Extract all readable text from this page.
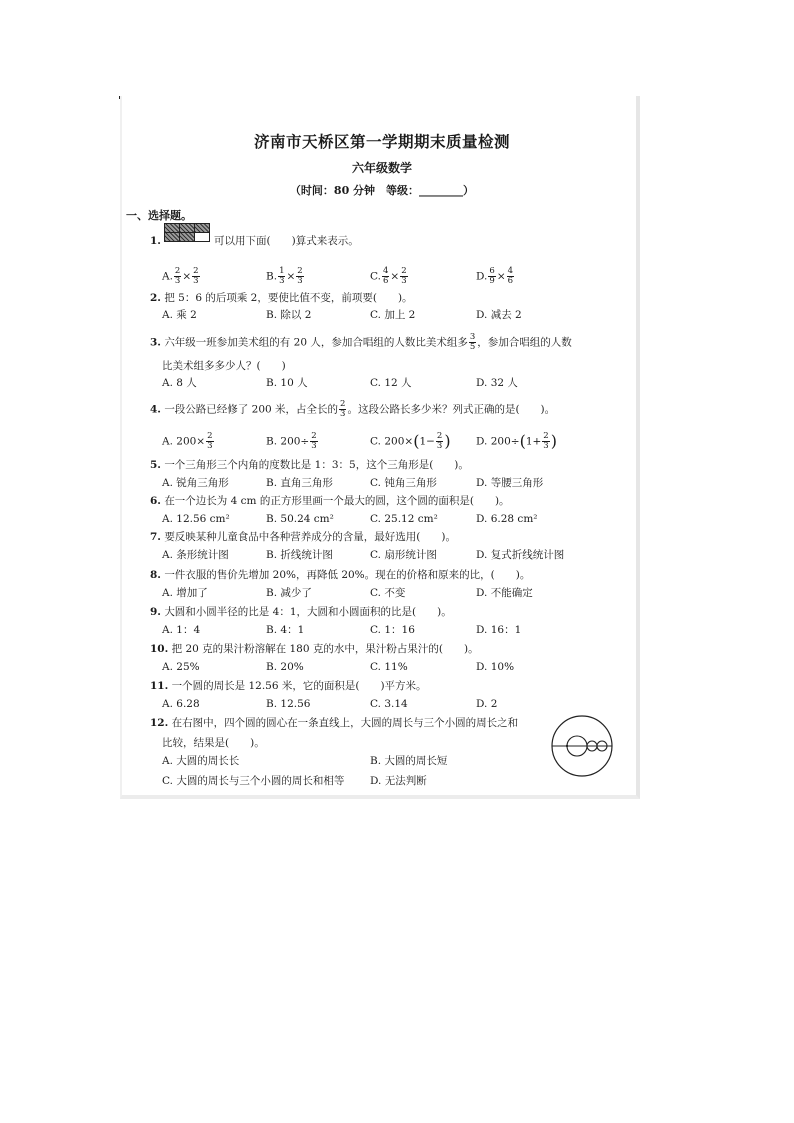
济南市天桥区第一学期期末质量检测
六年级数学
（时间：80 分钟　等级：________）
一、选择题。
1.	可以用下面(　　)算式来表示。
A. $\frac{2}{3} \times \frac{2}{3}$	B. $\frac{1}{3} \times \frac{2}{3}$	C. $\frac{4}{6} \times \frac{2}{3}$	D. $\frac{6}{9} \times \frac{4}{6}$
2. 把 5：6 的后项乘 2，要使比值不变，前项要(　　)。
A. 乘 2	B. 除以 2	C. 加上 2	D. 减去 2
3. 六年级一班参加美术组的有 20 人，参加合唱组的人数比美术组多 $\frac{3}{5}$ ，参加合唱组的人数
比美术组多多少人？(　　)
A. 8 人	B. 10 人	C. 12 人	D. 32 人
4. 一段公路已经修了 200 米，占全长的 $\frac{2}{3}$ 。这段公路长多少米？列式正确的是(　　)。
A. $200\times \frac{2}{3}$	B. $200\div \frac{2}{3}$	C. $200\times(1- \frac{2}{3}$ ) D. $200\div(1+ \frac{2}{3}$ )
5. 一个三角形三个内角的度数比是 1：3：5，这个三角形是(　　)。
A. 锐角三角形	B. 直角三角形	C. 钝角三角形	D. 等腰三角形
6. 在一个边长为 4 cm 的正方形里画一个最大的圆，这个圆的面积是(　　)。
A. 12.56 cm²	B. 50.24 cm²	C. 25.12 cm²	D. 6.28 cm²
7. 要反映某种儿童食品中各种营养成分的含量，最好选用(　　)。
A. 条形统计图	B. 折线统计图	C. 扇形统计图	D. 复式折线统计图
8. 一件衣服的售价先增加 20%，再降低 20%。现在的价格和原来的比，(　　)。
A. 增加了	B. 减少了	C. 不变	D. 不能确定
9. 大圆和小圆半径的比是 4：1，大圆和小圆面积的比是(　　)。
A. 1：4	B. 4：1	C. 1：16	D. 16：1
10. 把 20 克的果汁粉溶解在 180 克的水中，果汁粉占果汁的(　　)。
A. 25%	B. 20%	C. 11%	D. 10%
11. 一个圆的周长是 12.56 米，它的面积是(　　)平方米。
A. 6.28	B. 12.56	C. 3.14	D. 2
12. 在右图中，四个圆的圆心在一条直线上，大圆的周长与三个小圆的周长之和
比较，结果是(　　)。
A. 大圆的周长长	B. 大圆的周长短
C. 大圆的周长与三个小圆的周长和相等 D. 无法判断
